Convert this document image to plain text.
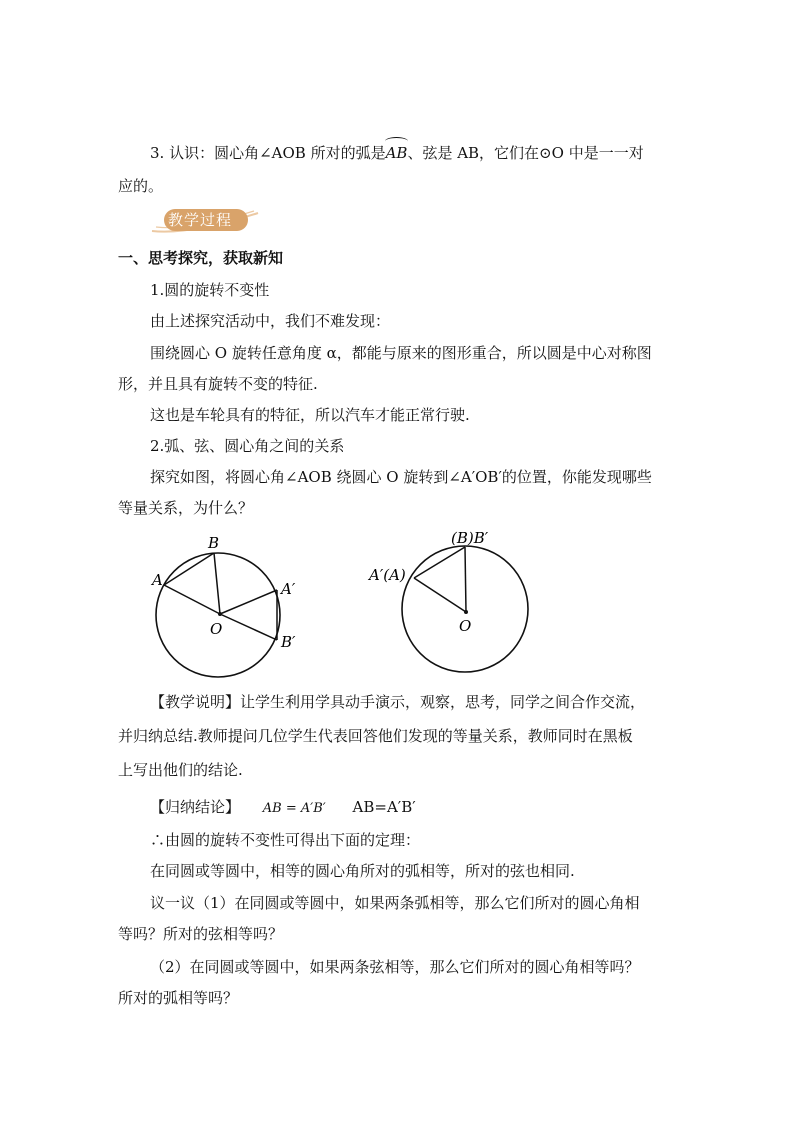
3. 认识：圆心角∠AOB 所对的弧是AB、弦是 AB，它们在⊙O 中是一一对
应的。
教学过程
一、思考探究，获取新知
1.圆的旋转不变性
由上述探究活动中，我们不难发现：
围绕圆心 O 旋转任意角度 α，都能与原来的图形重合，所以圆是中心对称图
形，并且具有旋转不变的特征.
这也是车轮具有的特征，所以汽车才能正常行驶.
2.弧、弦、圆心角之间的关系
探究如图，将圆心角∠AOB 绕圆心 O 旋转到∠A′OB′的位置，你能发现哪些
等量关系，为什么？
B
A
O
A′
B′
(B)B′
A′(A)
O
【教学说明】让学生利用学具动手演示，观察，思考，同学之间合作交流，
并归纳总结.教师提问几位学生代表回答他们发现的等量关系，教师同时在黑板
上写出他们的结论.
【归纳结论】 AB = A′B′ AB=A′B′
∴由圆的旋转不变性可得出下面的定理：
在同圆或等圆中，相等的圆心角所对的弧相等，所对的弦也相同.
议一议（1）在同圆或等圆中，如果两条弧相等，那么它们所对的圆心角相
等吗？所对的弦相等吗？
（2）在同圆或等圆中，如果两条弦相等，那么它们所对的圆心角相等吗？
所对的弧相等吗？
